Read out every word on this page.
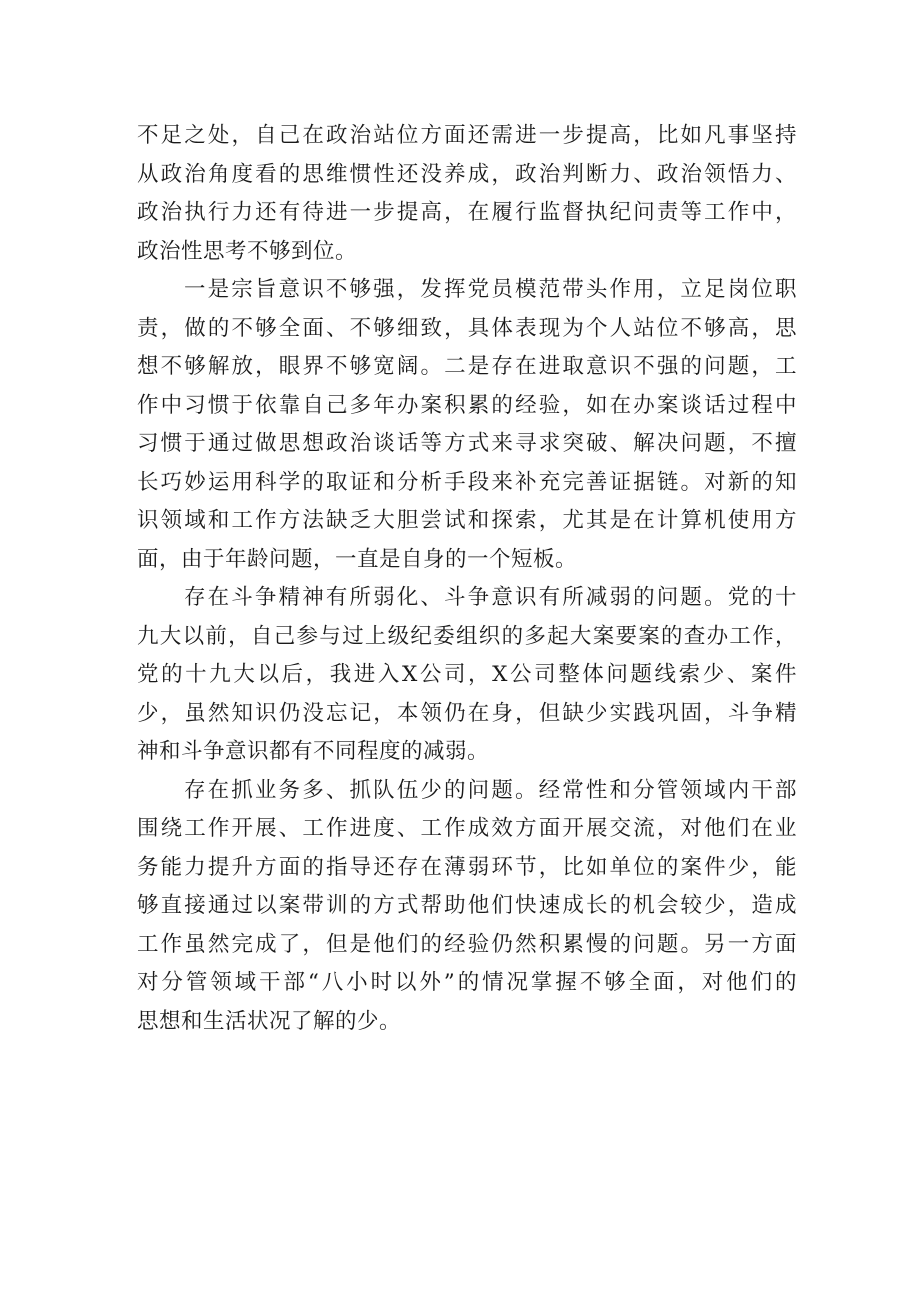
不足之处，自己在政治站位方面还需进一步提高，比如凡事坚持
从政治角度看的思维惯性还没养成，政治判断力、政治领悟力、
政治执行力还有待进一步提高，在履行监督执纪问责等工作中，
政治性思考不够到位。
一是宗旨意识不够强，发挥党员模范带头作用，立足岗位职
责，做的不够全面、不够细致，具体表现为个人站位不够高，思
想不够解放，眼界不够宽阔。二是存在进取意识不强的问题，工
作中习惯于依靠自己多年办案积累的经验，如在办案谈话过程中
习惯于通过做思想政治谈话等方式来寻求突破、解决问题，不擅
长巧妙运用科学的取证和分析手段来补充完善证据链。对新的知
识领域和工作方法缺乏大胆尝试和探索，尤其是在计算机使用方
面，由于年龄问题，一直是自身的一个短板。
存在斗争精神有所弱化、斗争意识有所减弱的问题。党的十
九大以前，自己参与过上级纪委组织的多起大案要案的查办工作，
党的十九大以后，我进入X公司，X公司整体问题线索少、案件
少，虽然知识仍没忘记，本领仍在身，但缺少实践巩固，斗争精
神和斗争意识都有不同程度的减弱。
存在抓业务多、抓队伍少的问题。经常性和分管领域内干部
围绕工作开展、工作进度、工作成效方面开展交流，对他们在业
务能力提升方面的指导还存在薄弱环节，比如单位的案件少，能
够直接通过以案带训的方式帮助他们快速成长的机会较少，造成
工作虽然完成了，但是他们的经验仍然积累慢的问题。另一方面
对分管领域干部“八小时以外”的情况掌握不够全面，对他们的
思想和生活状况了解的少。
